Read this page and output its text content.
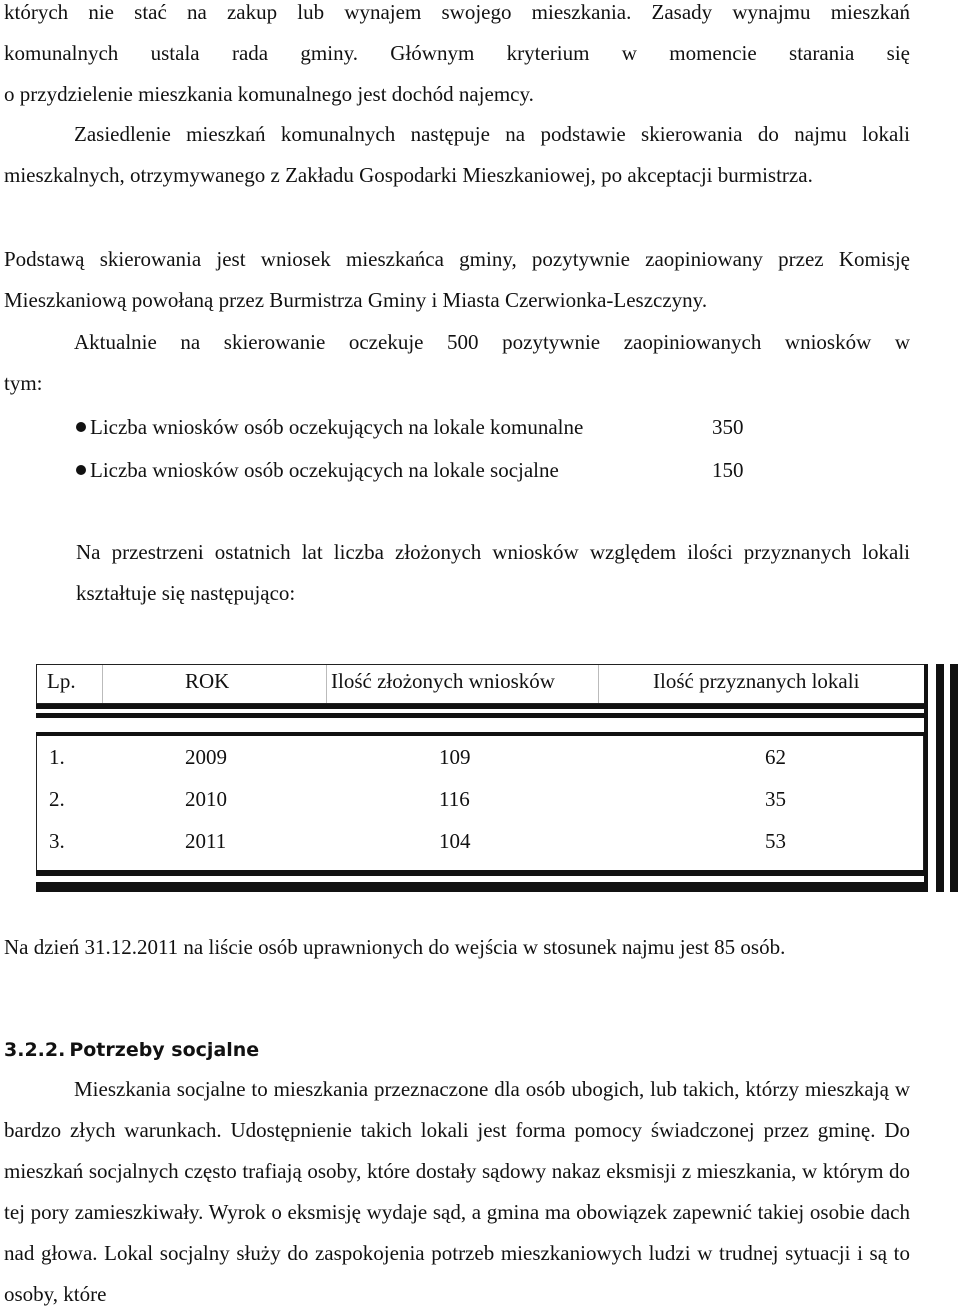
których nie stać na zakup lub wynajem swojego mieszkania. Zasady wynajmu mieszkań
komunalnych ustala rada gminy. Głównym kryterium w momencie starania się
o przydzielenie mieszkania komunalnego jest dochód najemcy.

Zasiedlenie mieszkań komunalnych następuje na podstawie skierowania do najmu lokali mieszkalnych, otrzymywanego z Zakładu Gospodarki Mieszkaniowej, po akceptacji burmistrza.

Podstawą skierowania jest wniosek mieszkańca gminy, pozytywnie zaopiniowany przez Komisję Mieszkaniową powołaną przez Burmistrza Gminy i Miasta Czerwionka-Leszczyny.

Aktualnie na skierowanie oczekuje 500 pozytywnie zaopiniowanych wniosków w

tym:

Liczba wniosków osób oczekujących na lokale komunalne	350
Liczba wniosków osób oczekujących na lokale socjalne	150

Na przestrzeni ostatnich lat liczba złożonych wniosków względem ilości przyznanych lokali kształtuje się następująco:

Lp.	ROK	Ilość złożonych wniosków	Ilość przyznanych lokali
1.	2009	109	62
2.	2010	116	35
3.	2011	104	53

Na dzień 31.12.2011 na liście osób uprawnionych do wejścia w stosunek najmu jest 85 osób.

3.2.2. Potrzeby socjalne

Mieszkania socjalne to mieszkania przeznaczone dla osób ubogich, lub takich, którzy mieszkają w bardzo złych warunkach. Udostępnienie takich lokali jest forma pomocy świadczonej przez gminę. Do mieszkań socjalnych często trafiają osoby, które dostały sądowy nakaz eksmisji z mieszkania, w którym do tej pory zamieszkiwały. Wyrok o eksmisję wydaje sąd, a gmina ma obowiązek zapewnić takiej osobie dach nad głowa. Lokal socjalny służy do zaspokojenia potrzeb mieszkaniowych ludzi w trudnej sytuacji i są to osoby, które
